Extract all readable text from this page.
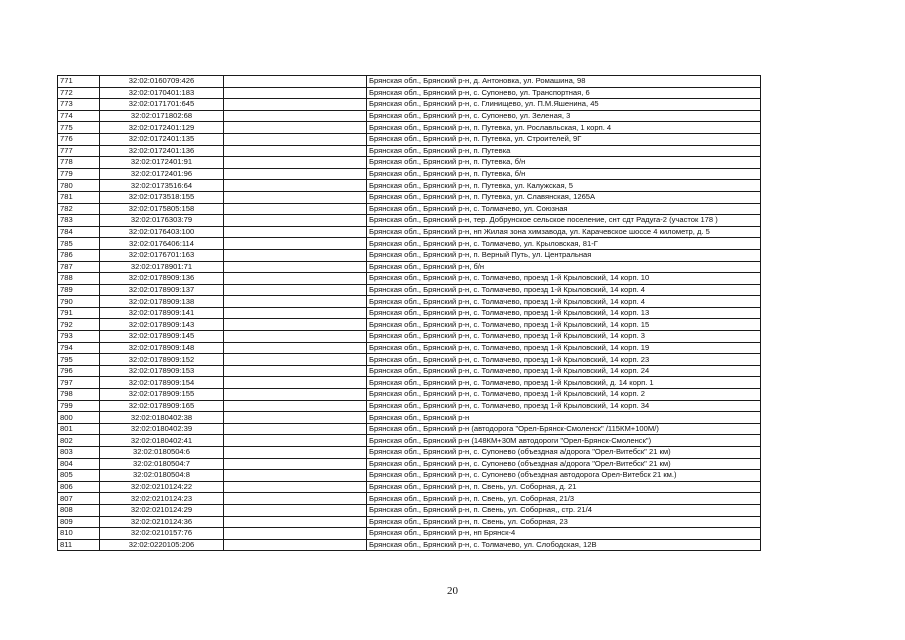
771	32:02:0160709:426		Брянская обл., Брянский р-н, д. Антоновка, ул. Ромашина, 98
772	32:02:0170401:183		Брянская обл., Брянский р-н, с. Супонево, ул. Транспортная, 6
773	32:02:0171701:645		Брянская обл., Брянский р-н, с. Глинищево, ул. П.М.Яшенина, 45
774	32:02:0171802:68		Брянская обл., Брянский р-н, с. Супонево, ул. Зеленая, 3
775	32:02:0172401:129		Брянская обл., Брянский р-н, п. Путевка, ул. Рославльская, 1 корп. 4
776	32:02:0172401:135		Брянская обл., Брянский р-н, п. Путевка, ул. Строителей, 9Г
777	32:02:0172401:136		Брянская обл., Брянский р-н, п. Путевка
778	32:02:0172401:91		Брянская обл., Брянский р-н, п. Путевка, б/н
779	32:02:0172401:96		Брянская обл., Брянский р-н, п. Путевка, б/н
780	32:02:0173516:64		Брянская обл., Брянский р-н, п. Путевка, ул. Калужская, 5
781	32:02:0173518:155		Брянская обл., Брянский р-н, п. Путевка, ул. Славянская, 1265А
782	32:02:0175805:158		Брянская обл., Брянский р-н, с. Толмачево, ул. Союзная
783	32:02:0176303:79		Брянская обл., Брянский р-н, тер. Добрунское сельское поселение, снт сдт Радуга-2 (участок 178 )
784	32:02:0176403:100		Брянская обл., Брянский р-н, нп Жилая зона химзавода, ул. Карачевское шоссе 4 километр, д. 5
785	32:02:0176406:114		Брянская обл., Брянский р-н, с. Толмачево, ул. Крыловская, 81-Г
786	32:02:0176701:163		Брянская обл., Брянский р-н, п. Верный Путь, ул. Центральная
787	32:02:0178901:71		Брянская обл., Брянский р-н, б/н
788	32:02:0178909:136		Брянская обл., Брянский р-н, с. Толмачево, проезд 1-й Крыловский, 14 корп. 10
789	32:02:0178909:137		Брянская обл., Брянский р-н, с. Толмачево, проезд 1-й Крыловский, 14 корп. 4
790	32:02:0178909:138		Брянская обл., Брянский р-н, с. Толмачево, проезд 1-й Крыловский, 14 корп. 4
791	32:02:0178909:141		Брянская обл., Брянский р-н, с. Толмачево, проезд 1-й Крыловский, 14 корп. 13
792	32:02:0178909:143		Брянская обл., Брянский р-н, с. Толмачево, проезд 1-й Крыловский, 14 корп. 15
793	32:02:0178909:145		Брянская обл., Брянский р-н, с. Толмачево, проезд 1-й Крыловский, 14 корп. 3
794	32:02:0178909:148		Брянская обл., Брянский р-н, с. Толмачево, проезд 1-й Крыловский, 14 корп. 19
795	32:02:0178909:152		Брянская обл., Брянский р-н, с. Толмачево, проезд 1-й Крыловский, 14 корп. 23
796	32:02:0178909:153		Брянская обл., Брянский р-н, с. Толмачево, проезд 1-й Крыловский, 14 корп. 24
797	32:02:0178909:154		Брянская обл., Брянский р-н, с. Толмачево, проезд 1-й Крыловский, д. 14 корп. 1
798	32:02:0178909:155		Брянская обл., Брянский р-н, с. Толмачево, проезд 1-й Крыловский, 14 корп. 2
799	32:02:0178909:165		Брянская обл., Брянский р-н, с. Толмачево, проезд 1-й Крыловский, 14 корп. 34
800	32:02:0180402:38		Брянская обл., Брянский р-н
801	32:02:0180402:39		Брянская обл., Брянский р-н (автодорога "Орел-Брянск-Смоленск" /115КМ+100М/)
802	32:02:0180402:41		Брянская обл., Брянский р-н (148КМ+30М автодороги "Орел-Брянск-Смоленск")
803	32:02:0180504:6		Брянская обл., Брянский р-н, с. Супонево (объездная а/дорога "Орел-Витебск" 21 км)
804	32:02:0180504:7		Брянская обл., Брянский р-н, с. Супонево (объездная а/дорога "Орел-Витебск" 21 км)
805	32:02:0180504:8		Брянская обл., Брянский р-н, с. Супонево (объездная автодорога Орел-Витебск 21 км.)
806	32:02:0210124:22		Брянская обл., Брянский р-н, п. Свень, ул. Соборная, д. 21
807	32:02:0210124:23		Брянская обл., Брянский р-н, п. Свень, ул. Соборная, 21/3
808	32:02:0210124:29		Брянская обл., Брянский р-н, п. Свень, ул. Соборная,, стр. 21/4
809	32:02:0210124:36		Брянская обл., Брянский р-н, п. Свень, ул. Соборная, 23
810	32:02:0210157:76		Брянская обл., Брянский р-н, нп Брянск-4
811	32:02:0220105:206		Брянская обл., Брянский р-н, с. Толмачево, ул. Слободская, 12В
20
